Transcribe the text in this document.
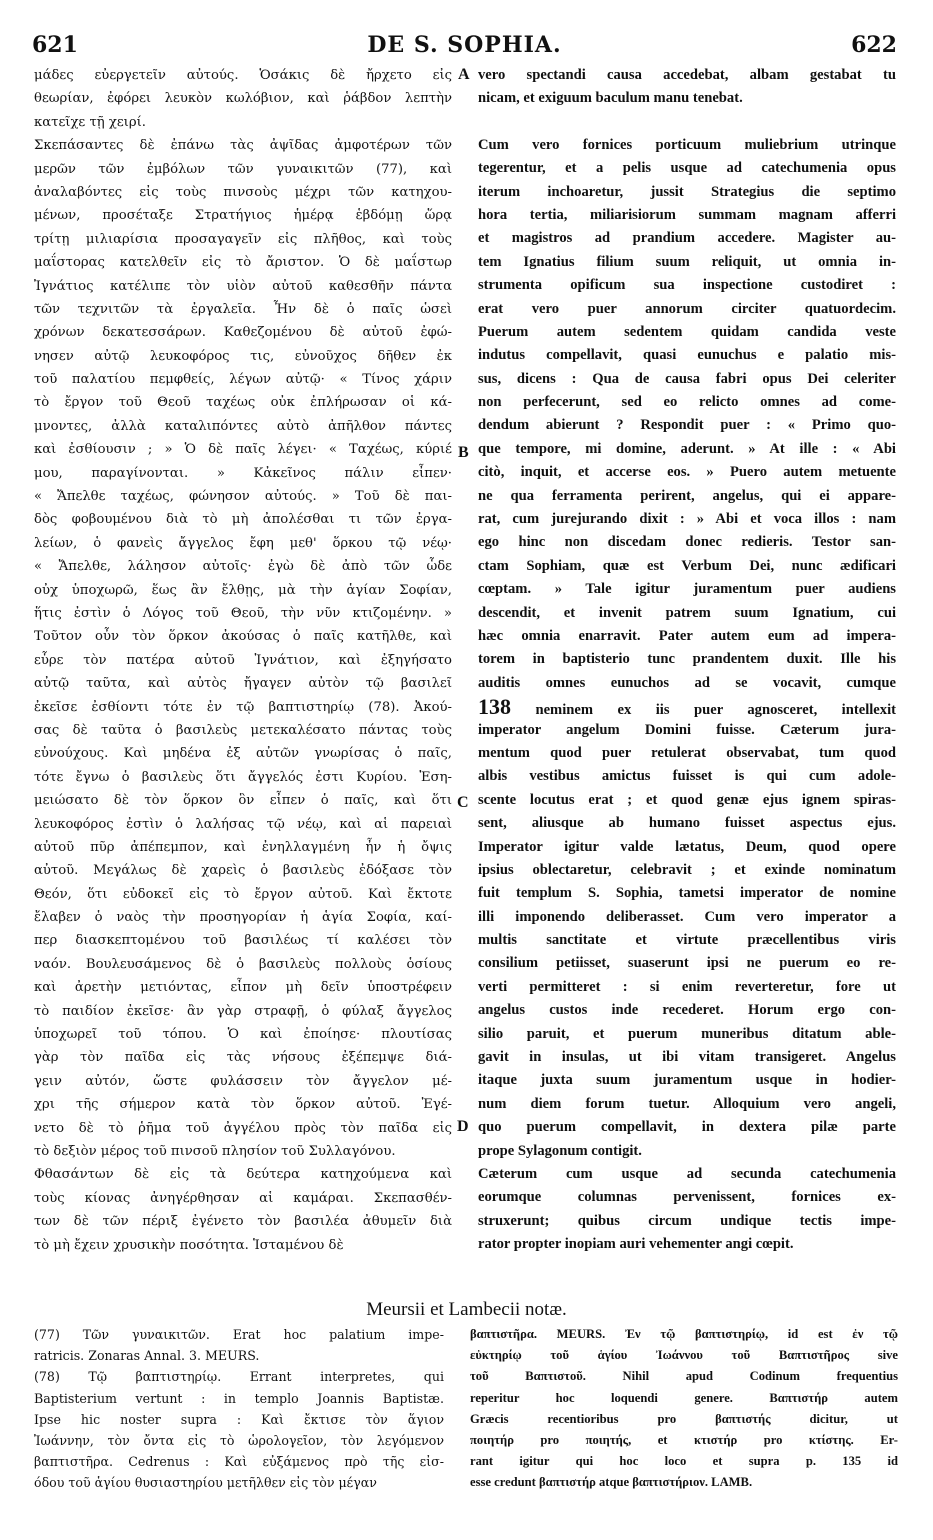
621	DE S. SOPHIA.	622
μάδες εὐεργετεῖν αὐτούς. Ὁσάκις δὲ ἤρχετο εἰς
θεωρίαν, ἐφόρει λευκὸν κωλόβιον, καὶ ῥάβδον λεπτὴν
κατεῖχε τῇ χειρί.
Σκεπάσαντες δὲ ἐπάνω τὰς ἀψῖδας ἀμφοτέρων τῶν
μερῶν τῶν ἐμβόλων τῶν γυναικιτῶν (77), καὶ
ἀναλαβόντες εἰς τοὺς πινσοὺς μέχρι τῶν κατηχου-
μένων, προσέταξε Στρατήγιος ἡμέρᾳ ἑβδόμῃ ὥρᾳ
τρίτῃ μιλιαρίσια προσαγαγεῖν εἰς πλῆθος, καὶ τοὺς
μαΐστορας κατελθεῖν εἰς τὸ ἄριστον. Ὁ δὲ μαΐστωρ
Ἰγνάτιος κατέλιπε τὸν υἱὸν αὐτοῦ καθεσθῆν πάντα
τῶν τεχνιτῶν τὰ ἐργαλεῖα. Ἦν δὲ ὁ παῖς ὡσεὶ
χρόνων δεκατεσσάρων. Καθεζομένου δὲ αὐτοῦ ἐφώ-
νησεν αὐτῷ λευκοφόρος τις, εὐνοῦχος δῆθεν ἐκ
τοῦ παλατίου πεμφθείς, λέγων αὐτῷ· « Τίνος χάριν
τὸ ἔργον τοῦ Θεοῦ ταχέως οὐκ ἐπλήρωσαν οἱ κά-
μνοντες, ἀλλὰ καταλιπόντες αὐτὸ ἀπῆλθον πάντες
καὶ ἐσθίουσιν ; » Ὁ δὲ παῖς λέγει· « Ταχέως, κύριέ
μου, παραγίνονται. » Κἀκεῖνος πάλιν εἶπεν·
« Ἄπελθε ταχέως, φώνησον αὐτούς. » Τοῦ δὲ παι-
δὸς φοβουμένου διὰ τὸ μὴ ἀπολέσθαι τι τῶν ἐργα-
λείων, ὁ φανεὶς ἄγγελος ἔφη μεθ' ὅρκου τῷ νέῳ·
« Ἄπελθε, λάλησον αὐτοῖς· ἐγὼ δὲ ἀπὸ τῶν ὧδε
οὐχ ὑποχωρῶ, ἕως ἂν ἔλθῃς, μὰ τὴν ἁγίαν Σοφίαν,
ἥτις ἐστὶν ὁ Λόγος τοῦ Θεοῦ, τὴν νῦν κτιζομένην. »
Τοῦτον οὖν τὸν ὅρκον ἀκούσας ὁ παῖς κατῆλθε, καὶ
εὗρε τὸν πατέρα αὐτοῦ Ἰγνάτιον, καὶ ἐξηγήσατο
αὐτῷ ταῦτα, καὶ αὐτὸς ἤγαγεν αὐτὸν τῷ βασιλεῖ
ἐκεῖσε ἐσθίοντι τότε ἐν τῷ βαπτιστηρίῳ (78). Ἀκού-
σας δὲ ταῦτα ὁ βασιλεὺς μετεκαλέσατο πάντας τοὺς
εὐνούχους. Καὶ μηδένα ἐξ αὐτῶν γνωρίσας ὁ παῖς,
τότε ἔγνω ὁ βασιλεὺς ὅτι ἄγγελός ἐστι Κυρίου. Ἐση-
μειώσατο δὲ τὸν ὅρκον ὃν εἶπεν ὁ παῖς, καὶ ὅτι
λευκοφόρος ἐστὶν ὁ λαλήσας τῷ νέῳ, καὶ αἱ παρειαὶ
αὐτοῦ πῦρ ἀπέπεμπον, καὶ ἐνηλλαγμένη ἦν ἡ ὄψις
αὐτοῦ. Μεγάλως δὲ χαρεὶς ὁ βασιλεὺς ἐδόξασε τὸν
Θεόν, ὅτι εὐδοκεῖ εἰς τὸ ἔργον αὐτοῦ. Καὶ ἔκτοτε
ἔλαβεν ὁ ναὸς τὴν προσηγορίαν ἡ ἁγία Σοφία, καί-
περ διασκεπτομένου τοῦ βασιλέως τί καλέσει τὸν
ναόν. Βουλευσάμενος δὲ ὁ βασιλεὺς πολλοὺς ὁσίους
καὶ ἀρετὴν μετιόντας, εἶπον μὴ δεῖν ὑποστρέφειν
τὸ παιδίον ἐκεῖσε· ἂν γὰρ στραφῇ, ὁ φύλαξ ἄγγελος
ὑποχωρεῖ τοῦ τόπου. Ὁ καὶ ἐποίησε· πλουτίσας
γὰρ τὸν παῖδα εἰς τὰς νήσους ἐξέπεμψε διά-
γειν αὐτόν, ὥστε φυλάσσειν τὸν ἄγγελον μέ-
χρι τῆς σήμερον κατὰ τὸν ὅρκον αὐτοῦ. Ἐγέ-
νετο δὲ τὸ ῥῆμα τοῦ ἀγγέλου πρὸς τὸν παῖδα εἰς
τὸ δεξιὸν μέρος τοῦ πινσοῦ πλησίον τοῦ Συλλαγόνου.
Φθασάντων δὲ εἰς τὰ δεύτερα κατηχούμενα καὶ
τοὺς κίονας ἀνηγέρθησαν αἱ καμάραι. Σκεπασθέν-
των δὲ τῶν πέριξ ἐγένετο τὸν βασιλέα ἀθυμεῖν διὰ
τὸ μὴ ἔχειν χρυσικὴν ποσότητα. Ἱσταμένου δὲ
vero spectandi causa accedebat, albam gestabat tu
nicam, et exiguum baculum manu tenebat.
Cum vero fornices porticuum muliebrium utrinque
tegerentur, et a pelis usque ad catechumenia opus
iterum inchoaretur, jussit Strategius die septimo
hora tertia, miliarisiorum summam magnam afferri
et magistros ad prandium accedere. Magister au-
tem Ignatius filium suum reliquit, ut omnia in-
strumenta opificum sua inspectione custodiret :
erat vero puer annorum circiter quatuordecim.
Puerum autem sedentem quidam candida veste
indutus compellavit, quasi eunuchus e palatio mis-
sus, dicens : Qua de causa fabri opus Dei celeriter
non perfecerunt, sed eo relicto omnes ad come-
dendum abierunt ? Respondit puer : « Primo quo-
que tempore, mi domine, aderunt. » At ille : « Abi
citò, inquit, et accerse eos. » Puero autem metuente
ne qua ferramenta perirent, angelus, qui ei appare-
rat, cum jurejurando dixit : » Abi et voca illos : nam
ego hinc non discedam donec redieris. Testor san-
ctam Sophiam, quæ est Verbum Dei, nunc ædificari
cœptam. » Tale igitur juramentum puer audiens
descendit, et invenit patrem suum Ignatium, cui
hæc omnia enarravit. Pater autem eum ad impera-
torem in baptisterio tunc prandentem duxit. Ille his
auditis omnes eunuchos ad se vocavit, cumque
138 neminem ex iis puer agnosceret, intellexit
imperator angelum Domini fuisse. Cæterum jura-
mentum quod puer retulerat observabat, tum quod
albis vestibus amictus fuisset is qui cum adole-
scente locutus erat ; et quod genæ ejus ignem spiras-
sent, aliusque ab humano fuisset aspectus ejus.
Imperator igitur valde lætatus, Deum, quod opere
ipsius oblectaretur, celebravit ; et exinde nominatum
fuit templum S. Sophia, tametsi imperator de nomine
illi imponendo deliberasset. Cum vero imperator a
multis sanctitate et virtute præcellentibus viris
consilium petiisset, suaserunt ipsi ne puerum eo re-
verti permitteret : si enim reverteretur, fore ut
angelus custos inde recederet. Horum ergo con-
silio paruit, et puerum muneribus ditatum able-
gavit in insulas, ut ibi vitam transigeret. Angelus
itaque juxta suum juramentum usque in hodier-
num diem forum tuetur. Alloquium vero angeli,
quo puerum compellavit, in dextera pilæ parte
prope Sylagonum contigit.
Cæterum cum usque ad secunda catechumenia
eorumque columnas pervenissent, fornices ex-
struxerunt; quibus circum undique tectis impe-
rator propter inopiam auri vehementer angi cœpit.
A
B
C
D
Meursii et Lambecii notæ.
(77) Τῶν γυναικιτῶν. Erat hoc palatium impe-
ratricis. Zonaras Annal. 3. MEURS.
(78) Τῷ βαπτιστηρίῳ. Errant interpretes, qui
Baptisterium vertunt : in templo Joannis Baptistæ.
Ipse hic noster supra : Καὶ ἔκτισε τὸν ἅγιον
Ἰωάννην, τὸν ὄντα εἰς τὸ ὡρολογεῖον, τὸν λεγόμενον
βαπτιστῆρα. Cedrenus : Καὶ εὐξάμενος πρὸ τῆς εἰσ-
όδου τοῦ ἁγίου θυσιαστηρίου μετῆλθεν εἰς τὸν μέγαν
βαπτιστῆρα. MEURS. Ἐν τῷ βαπτιστηρίῳ, id est ἐν τῷ
εὐκτηρίῳ τοῦ ἁγίου Ἰωάννου τοῦ Βαπτιστῆρος sive
τοῦ Βαπτιστοῦ. Nihil apud Codinum frequentius
reperitur hoc loquendi genere. Βαπτιστήρ autem
Græcis recentioribus pro βαπτιστής dicitur, ut
ποιητήρ pro ποιητής, et κτιστήρ pro κτίστης. Er-
rant igitur qui hoc loco et supra p. 135 id
esse credunt βαπτιστήρ atque βαπτιστήριον. LAMB.
